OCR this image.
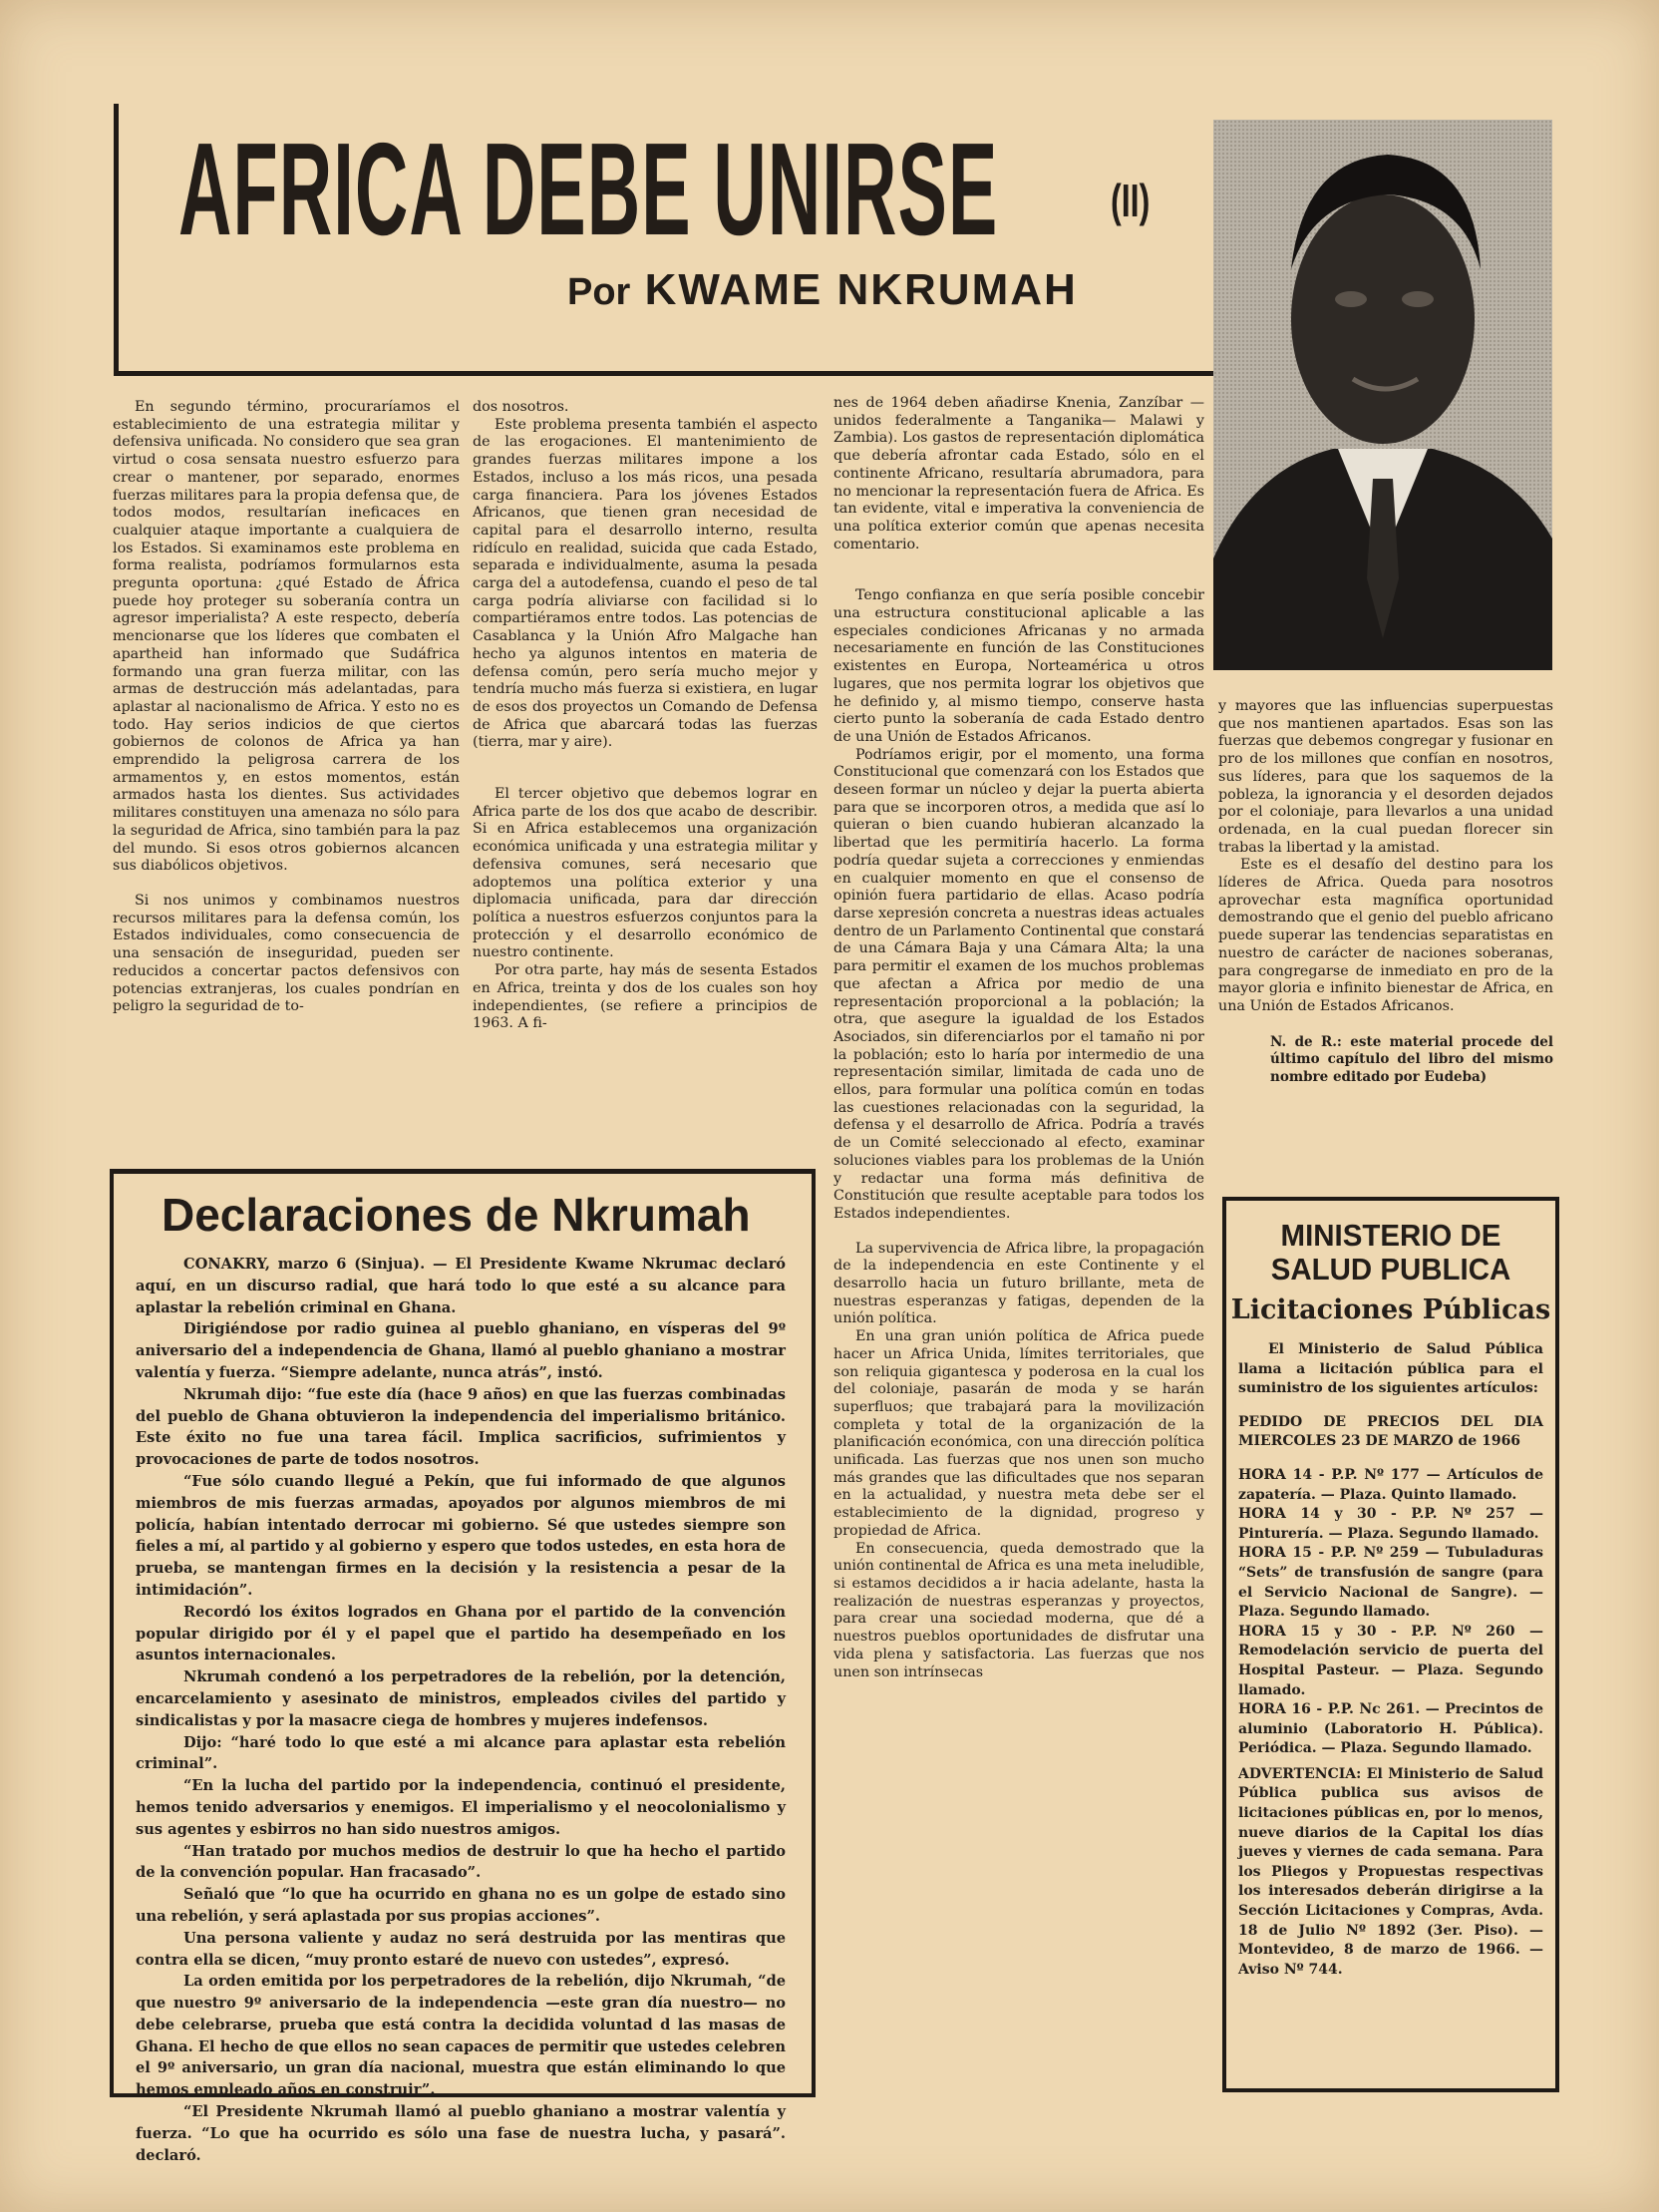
AFRICA DEBE UNIRSE (II)
Por KWAME NKRUMAH

En segundo término, procuraríamos el establecimiento de una estrategia militar y defensiva unificada. No considero que sea gran virtud o cosa sensata nuestro esfuerzo para crear o mantener, por separado, enormes fuerzas militares para la propia defensa que, de todos modos, resultarían ineficaces en cualquier ataque importante a cualquiera de los Estados. Si examinamos este problema en forma realista, podríamos formularnos esta pregunta oportuna: ¿qué Estado de África puede hoy proteger su soberanía contra un agresor imperialista? A este respecto, debería mencionarse que los líderes que combaten el apartheid han informado que Sudáfrica formando una gran fuerza militar, con las armas de destrucción más adelantadas, para aplastar al nacionalismo de Africa. Y esto no es todo. Hay serios indicios de que ciertos gobiernos de colonos de Africa ya han emprendido la peligrosa carrera de los armamentos y, en estos momentos, están armados hasta los dientes. Sus actividades militares constituyen una amenaza no sólo para la seguridad de Africa, sino también para la paz del mundo. Si esos otros gobiernos alcancen sus diabólicos objetivos.

Si nos unimos y combinamos nuestros recursos militares para la defensa común, los Estados individuales, como consecuencia de una sensación de inseguridad, pueden ser reducidos a concertar pactos defensivos con potencias extranjeras, los cuales pondrían en peligro la seguridad de to-

dos nosotros.

Este problema presenta también el aspecto de las erogaciones. El mantenimiento de grandes fuerzas militares impone a los Estados, incluso a los más ricos, una pesada carga financiera. Para los jóvenes Estados Africanos, que tienen gran necesidad de capital para el desarrollo interno, resulta ridículo en realidad, suicida que cada Estado, separada e individualmente, asuma la pesada carga del a autodefensa, cuando el peso de tal carga podría aliviarse con facilidad si lo compartiéramos entre todos. Las potencias de Casablanca y la Unión Afro Malgache han hecho ya algunos intentos en materia de defensa común, pero sería mucho mejor y tendría mucho más fuerza si existiera, en lugar de esos dos proyectos un Comando de Defensa de Africa que abarcará todas las fuerzas (tierra, mar y aire).

El tercer objetivo que debemos lograr en Africa parte de los dos que acabo de describir. Si en Africa establecemos una organización económica unificada y una estrategia militar y defensiva comunes, será necesario que adoptemos una política exterior y una diplomacia unificada, para dar dirección política a nuestros esfuerzos conjuntos para la protección y el desarrollo económico de nuestro continente.

Por otra parte, hay más de sesenta Estados en Africa, treinta y dos de los cuales son hoy independientes, (se refiere a principios de 1963. A fi-

nes de 1964 deben añadirse Knenia, Zanzíbar —unidos federalmente a Tanganika— Malawi y Zambia). Los gastos de representación diplomática que debería afrontar cada Estado, sólo en el continente Africano, resultaría abrumadora, para no mencionar la representación fuera de Africa. Es tan evidente, vital e imperativa la conveniencia de una política exterior común que apenas necesita comentario.

Tengo confianza en que sería posible concebir una estructura constitucional aplicable a las especiales condiciones Africanas y no armada necesariamente en función de las Constituciones existentes en Europa, Norteamérica u otros lugares, que nos permita lograr los objetivos que he definido y, al mismo tiempo, conserve hasta cierto punto la soberanía de cada Estado dentro de una Unión de Estados Africanos.

Podríamos erigir, por el momento, una forma Constitucional que comenzará con los Estados que deseen formar un núcleo y dejar la puerta abierta para que se incorporen otros, a medida que así lo quieran o bien cuando hubieran alcanzado la libertad que les permitiría hacerlo. La forma podría quedar sujeta a correcciones y enmiendas en cualquier momento en que el consenso de opinión fuera partidario de ellas. Acaso podría darse xepresión concreta a nuestras ideas actuales dentro de un Parlamento Continental que constará de una Cámara Baja y una Cámara Alta; la una para permitir el examen de los muchos problemas que afectan a Africa por medio de una representación proporcional a la población; la otra, que asegure la igualdad de los Estados Asociados, sin diferenciarlos por el tamaño ni por la población; esto lo haría por intermedio de una representación similar, limitada de cada uno de ellos, para formular una política común en todas las cuestiones relacionadas con la seguridad, la defensa y el desarrollo de Africa. Podría a través de un Comité seleccionado al efecto, examinar soluciones viables para los problemas de la Unión y redactar una forma más definitiva de Constitución que resulte aceptable para todos los Estados independientes.

La supervivencia de Africa libre, la propagación de la independencia en este Continente y el desarrollo hacia un futuro brillante, meta de nuestras esperanzas y fatigas, dependen de la unión política.

En una gran unión política de Africa puede hacer un Africa Unida, límites territoriales, que son reliquia gigantesca y poderosa en la cual los del coloniaje, pasarán de moda y se harán superfluos; que trabajará para la movilización completa y total de la organización de la planificación económica, con una dirección política unificada. Las fuerzas que nos unen son mucho más grandes que las dificultades que nos separan en la actualidad, y nuestra meta debe ser el establecimiento de la dignidad, progreso y propiedad de Africa.

En consecuencia, queda demostrado que la unión continental de Africa es una meta ineludible, si estamos decididos a ir hacia adelante, hasta la realización de nuestras esperanzas y proyectos, para crear una sociedad moderna, que dé a nuestros pueblos oportunidades de disfrutar una vida plena y satisfactoria. Las fuerzas que nos unen son intrínsecas

y mayores que las influencias superpuestas que nos mantienen apartados. Esas son las fuerzas que debemos congregar y fusionar en pro de los millones que confían en nosotros, sus líderes, para que los saquemos de la pobleza, la ignorancia y el desorden dejados por el coloniaje, para llevarlos a una unidad ordenada, en la cual puedan florecer sin trabas la libertad y la amistad.

Este es el desafío del destino para los líderes de Africa. Queda para nosotros aprovechar esta magnífica oportunidad demostrando que el genio del pueblo africano puede superar las tendencias separatistas en nuestro de carácter de naciones soberanas, para congregarse de inmediato en pro de la mayor gloria e infinito bienestar de Africa, en una Unión de Estados Africanos.

N. de R.: este material procede del último capítulo del libro del mismo nombre editado por Eudeba)

Declaraciones de Nkrumah

CONAKRY, marzo 6 (Sinjua). — El Presidente Kwame Nkrumac declaró aquí, en un discurso radial, que hará todo lo que esté a su alcance para aplastar la rebelión criminal en Ghana.

Dirigiéndose por radio guinea al pueblo ghaniano, en vísperas del 9º aniversario del a independencia de Ghana, llamó al pueblo ghaniano a mostrar valentía y fuerza. “Siempre adelante, nunca atrás”, instó.

Nkrumah dijo: “fue este día (hace 9 años) en que las fuerzas combinadas del pueblo de Ghana obtuvieron la independencia del imperialismo británico. Este éxito no fue una tarea fácil. Implica sacrificios, sufrimientos y provocaciones de parte de todos nosotros.

“Fue sólo cuando llegué a Pekín, que fui informado de que algunos miembros de mis fuerzas armadas, apoyados por algunos miembros de mi policía, habían intentado derrocar mi gobierno. Sé que ustedes siempre son fieles a mí, al partido y al gobierno y espero que todos ustedes, en esta hora de prueba, se mantengan firmes en la decisión y la resistencia a pesar de la intimidación”.

Recordó los éxitos logrados en Ghana por el partido de la convención popular dirigido por él y el papel que el partido ha desempeñado en los asuntos internacionales.

Nkrumah condenó a los perpetradores de la rebelión, por la detención, encarcelamiento y asesinato de ministros, empleados civiles del partido y sindicalistas y por la masacre ciega de hombres y mujeres indefensos.

Dijo: “haré todo lo que esté a mi alcance para aplastar esta rebelión criminal”.

“En la lucha del partido por la independencia, continuó el presidente, hemos tenido adversarios y enemigos. El imperialismo y el neocolonialismo y sus agentes y esbirros no han sido nuestros amigos.

“Han tratado por muchos medios de destruir lo que ha hecho el partido de la convención popular. Han fracasado”.

Señaló que “lo que ha ocurrido en ghana no es un golpe de estado sino una rebelión, y será aplastada por sus propias acciones”.

Una persona valiente y audaz no será destruida por las mentiras que contra ella se dicen, “muy pronto estaré de nuevo con ustedes”, expresó.

La orden emitida por los perpetradores de la rebelión, dijo Nkrumah, “de que nuestro 9º aniversario de la independencia —este gran día nuestro— no debe celebrarse, prueba que está contra la decidida voluntad d las masas de Ghana. El hecho de que ellos no sean capaces de permitir que ustedes celebren el 9º aniversario, un gran día nacional, muestra que están eliminando lo que hemos empleado años en construir”.

“El Presidente Nkrumah llamó al pueblo ghaniano a mostrar valentía y fuerza. “Lo que ha ocurrido es sólo una fase de nuestra lucha, y pasará”. declaró.

MINISTERIO DE
SALUD PUBLICA
Licitaciones Públicas

El Ministerio de Salud Pública llama a licitación pública para el suministro de los siguientes artículos:

PEDIDO DE PRECIOS DEL DIA MIERCOLES 23 DE MARZO de 1966

HORA 14 - P.P. Nº 177 — Artículos de zapatería. — Plaza. Quinto llamado.

HORA 14 y 30 - P.P. Nº 257 — Pinturería. — Plaza. Segundo llamado.

HORA 15 - P.P. Nº 259 — Tubuladuras “Sets” de transfusión de sangre (para el Servicio Nacional de Sangre). — Plaza. Segundo llamado.

HORA 15 y 30 - P.P. Nº 260 — Remodelación servicio de puerta del Hospital Pasteur. — Plaza. Segundo llamado.

HORA 16 - P.P. Nc 261. — Precintos de aluminio (Laboratorio H. Pública). Periódica. — Plaza. Segundo llamado.

ADVERTENCIA: El Ministerio de Salud Pública publica sus avisos de licitaciones públicas en, por lo menos, nueve diarios de la Capital los días jueves y viernes de cada semana. Para los Pliegos y Propuestas respectivas los interesados deberán dirigirse a la Sección Licitaciones y Compras, Avda. 18 de Julio Nº 1892 (3er. Piso). — Montevideo, 8 de marzo de 1966. — Aviso Nº 744.
